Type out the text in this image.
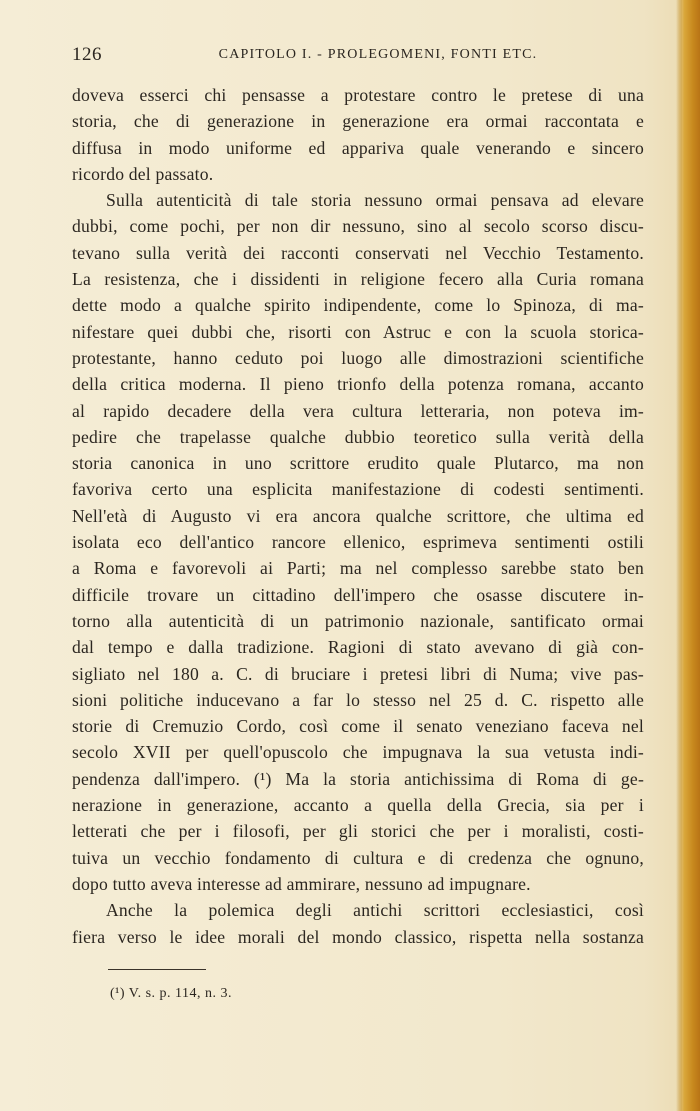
126	CAPITOLO I. - PROLEGOMENI, FONTI ETC.
doveva esserci chi pensasse a protestare contro le pretese di una
storia, che di generazione in generazione era ormai raccontata e
diffusa in modo uniforme ed appariva quale venerando e sincero
ricordo del passato.
Sulla autenticità di tale storia nessuno ormai pensava ad elevare
dubbi, come pochi, per non dir nessuno, sino al secolo scorso discu-
tevano sulla verità dei racconti conservati nel Vecchio Testamento.
La resistenza, che i dissidenti in religione fecero alla Curia romana
dette modo a qualche spirito indipendente, come lo Spinoza, di ma-
nifestare quei dubbi che, risorti con Astruc e con la scuola storica-
protestante, hanno ceduto poi luogo alle dimostrazioni scientifiche
della critica moderna. Il pieno trionfo della potenza romana, accanto
al rapido decadere della vera cultura letteraria, non poteva im-
pedire che trapelasse qualche dubbio teoretico sulla verità della
storia canonica in uno scrittore erudito quale Plutarco, ma non
favoriva certo una esplicita manifestazione di codesti sentimenti.
Nell'età di Augusto vi era ancora qualche scrittore, che ultima ed
isolata eco dell'antico rancore ellenico, esprimeva sentimenti ostili
a Roma e favorevoli ai Parti; ma nel complesso sarebbe stato ben
difficile trovare un cittadino dell'impero che osasse discutere in-
torno alla autenticità di un patrimonio nazionale, santificato ormai
dal tempo e dalla tradizione. Ragioni di stato avevano di già con-
sigliato nel 180 a. C. di bruciare i pretesi libri di Numa; vive pas-
sioni politiche inducevano a far lo stesso nel 25 d. C. rispetto alle
storie di Cremuzio Cordo, così come il senato veneziano faceva nel
secolo XVII per quell'opuscolo che impugnava la sua vetusta indi-
pendenza dall'impero. (¹) Ma la storia antichissima di Roma di ge-
nerazione in generazione, accanto a quella della Grecia, sia per i
letterati che per i filosofi, per gli storici che per i moralisti, costi-
tuiva un vecchio fondamento di cultura e di credenza che ognuno,
dopo tutto aveva interesse ad ammirare, nessuno ad impugnare.
Anche la polemica degli antichi scrittori ecclesiastici, così
fiera verso le idee morali del mondo classico, rispetta nella sostanza
(¹) V. s. p. 114, n. 3.
